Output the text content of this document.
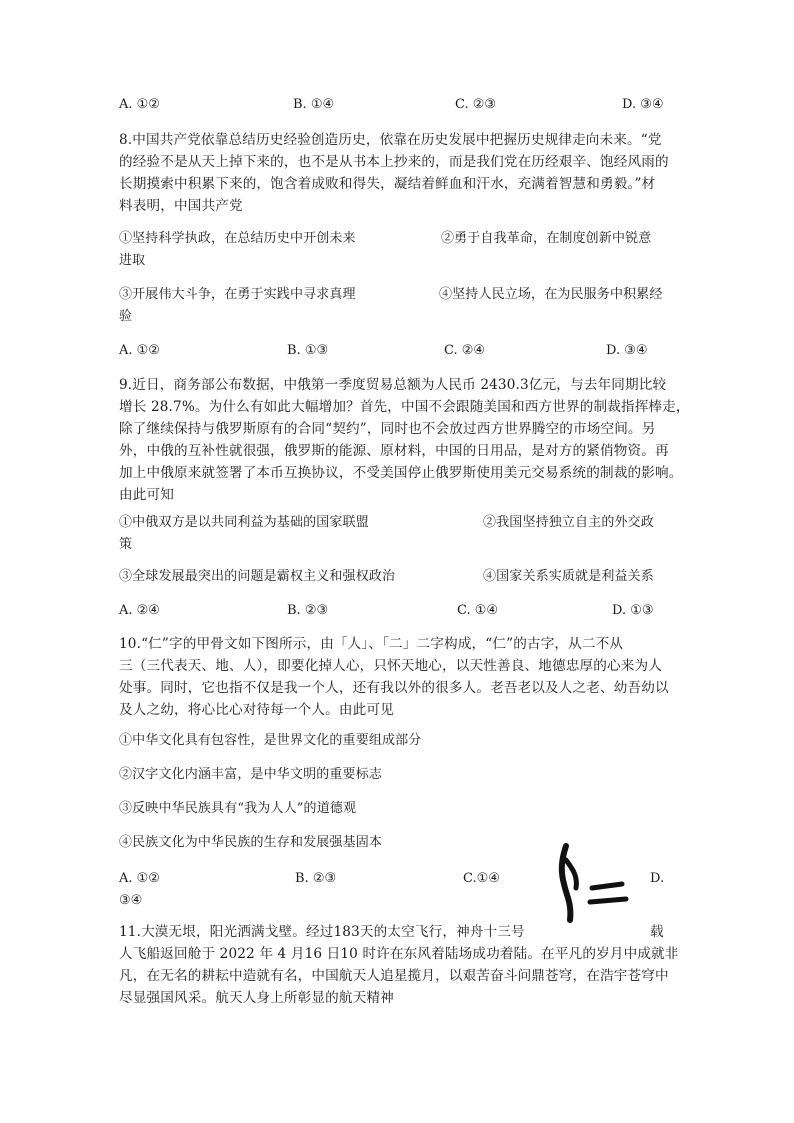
A. ①②	B. ①④	C. ②③	D. ③④
8.中国共产党依靠总结历史经验创造历史，依靠在历史发展中把握历史规律走向未来。“党
的经验不是从天上掉下来的，也不是从书本上抄来的，而是我们党在历经艰辛、饱经风雨的
长期摸索中积累下来的，饱含着成败和得失，凝结着鲜血和汗水，充满着智慧和勇毅。”材
料表明，中国共产党
①坚持科学执政，在总结历史中开创未来	②勇于自我革命，在制度创新中锐意
进取
③开展伟大斗争，在勇于实践中寻求真理	④坚持人民立场，在为民服务中积累经
验
A. ①②	B. ①③	C. ②④	D. ③④
9.近日，商务部公布数据，中俄第一季度贸易总额为人民币 2430.3亿元，与去年同期比较
增长 28.7%。为什么有如此大幅增加？首先，中国不会跟随美国和西方世界的制裁指挥棒走，
除了继续保持与俄罗斯原有的合同“契约”，同时也不会放过西方世界腾空的市场空间。另
外，中俄的互补性就很强，俄罗斯的能源、原材料，中国的日用品，是对方的紧俏物资。再
加上中俄原来就签署了本币互换协议，不受美国停止俄罗斯使用美元交易系统的制裁的影响。
由此可知
①中俄双方是以共同利益为基础的国家联盟	②我国坚持独立自主的外交政
策
③全球发展最突出的问题是霸权主义和强权政治	④国家关系实质就是利益关系
A. ②④	B. ②③	C. ①④	D. ①③
10.“仁”字的甲骨文如下图所示，由「人」、「二」二字构成，“仁”的古字，从二不从
三（三代表天、地、人），即要化掉人心，只怀天地心，以天性善良、地德忠厚的心来为人
处事。同时，它也指不仅是我一个人，还有我以外的很多人。老吾老以及人之老、幼吾幼以
及人之幼，将心比心对待每一个人。由此可见
①中华文化具有包容性，是世界文化的重要组成部分
②汉字文化内涵丰富，是中华文明的重要标志
③反映中华民族具有“我为人人”的道德观
④民族文化为中华民族的生存和发展强基固本
A. ①②	B. ②③	C.①④	D.
③④
11.大漠无垠，阳光洒满戈壁。经过183天的太空飞行，神舟十三号	载
人飞船返回舱于 2022 年 4 月16 日10 时许在东风着陆场成功着陆。在平凡的岁月中成就非
凡，在无名的耕耘中造就有名，中国航天人追星揽月，以艰苦奋斗问鼎苍穹，在浩宇苍穹中
尽显强国风采。航天人身上所彰显的航天精神
